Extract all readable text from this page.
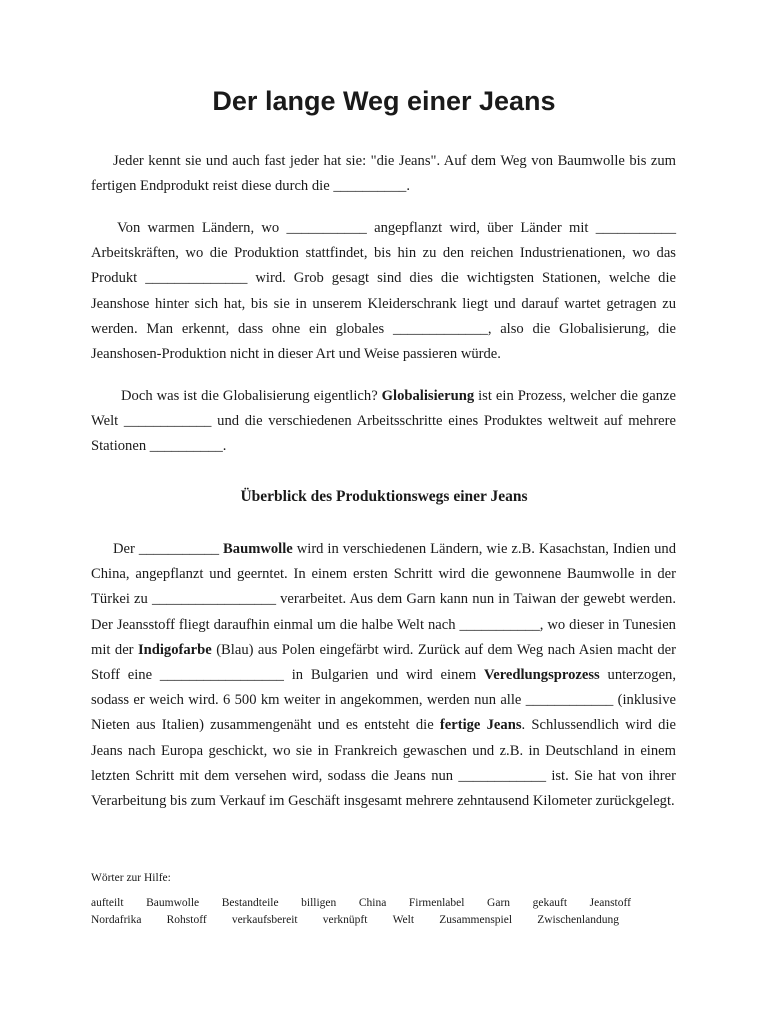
Der lange Weg einer Jeans

Jeder kennt sie und auch fast jeder hat sie: "die Jeans". Auf dem Weg von Baumwolle bis zum fertigen Endprodukt reist diese durch die __________.

Von warmen Ländern, wo ___________ angepflanzt wird, über Länder mit ___________ Arbeitskräften, wo die Produktion stattfindet, bis hin zu den reichen Industrienationen, wo das Produkt ______________ wird. Grob gesagt sind dies die wichtigsten Stationen, welche die Jeanshose hinter sich hat, bis sie in unserem Kleiderschrank liegt und darauf wartet getragen zu werden. Man erkennt, dass ohne ein globales _____________, also die Globalisierung, die Jeanshosen-Produktion nicht in dieser Art und Weise passieren würde.

Doch was ist die Globalisierung eigentlich? Globalisierung ist ein Prozess, welcher die ganze Welt ____________ und die verschiedenen Arbeitsschritte eines Produktes weltweit auf mehrere Stationen __________.

Überblick des Produktionswegs einer Jeans

Der ___________ Baumwolle wird in verschiedenen Ländern, wie z.B. Kasachstan, Indien und China, angepflanzt und geerntet. In einem ersten Schritt wird die gewonnene Baumwolle in der Türkei zu _________________ verarbeitet. Aus dem Garn kann nun in Taiwan der gewebt werden. Der Jeansstoff fliegt daraufhin einmal um die halbe Welt nach ___________, wo dieser in Tunesien mit der Indigofarbe (Blau) aus Polen eingefärbt wird. Zurück auf dem Weg nach Asien macht der Stoff eine _________________ in Bulgarien und wird einem Veredlungsprozess unterzogen, sodass er weich wird. 6 500 km weiter in angekommen, werden nun alle ____________ (inklusive Nieten aus Italien) zusammengenäht und es entsteht die fertige Jeans. Schlussendlich wird die Jeans nach Europa geschickt, wo sie in Frankreich gewaschen und z.B. in Deutschland in einem letzten Schritt mit dem versehen wird, sodass die Jeans nun ____________ ist. Sie hat von ihrer Verarbeitung bis zum Verkauf im Geschäft insgesamt mehrere zehntausend Kilometer zurückgelegt.

Wörter zur Hilfe:

aufteilt Baumwolle Bestandteile billigen China Firmenlabel Garn gekauft Jeanstoff
Nordafrika Rohstoff verkaufsbereit verknüpft Welt Zusammenspiel Zwischenlandung
